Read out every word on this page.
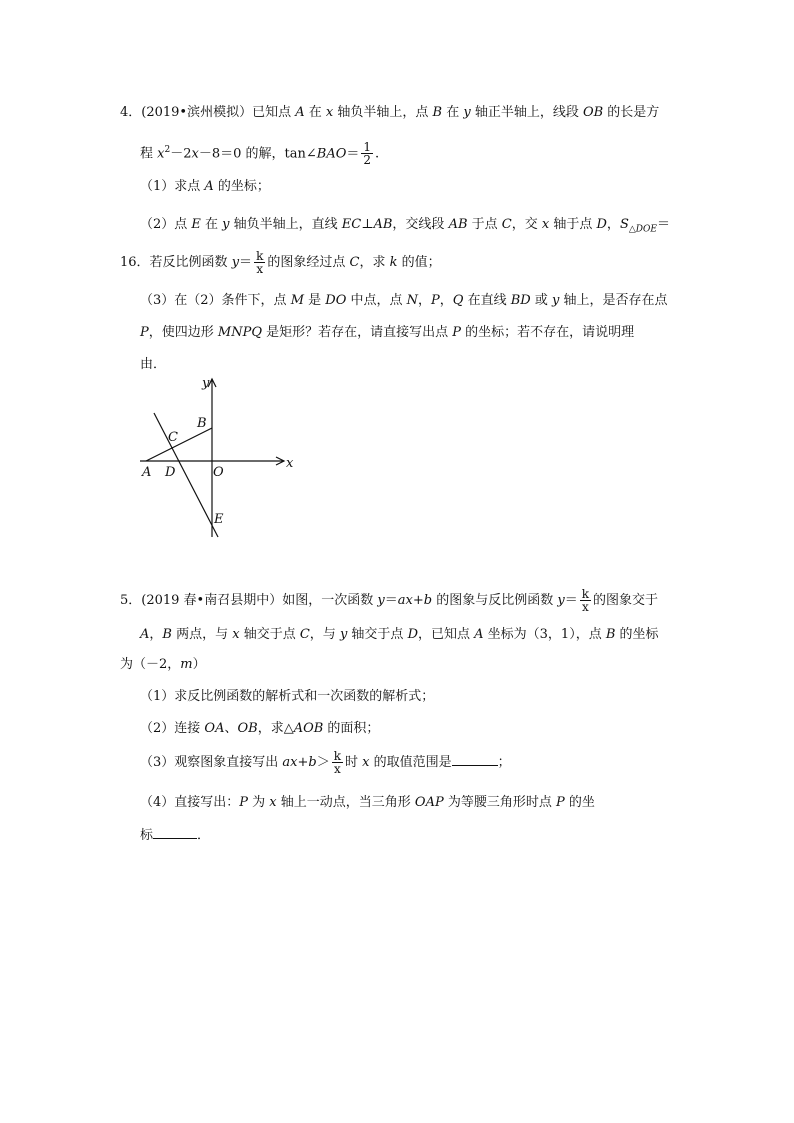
4．(2019•滨州模拟）已知点 A 在 x 轴负半轴上，点 B 在 y 轴正半轴上，线段 OB 的长是方
程 $x^2-2x-8=0$ 的解，tan∠BAO＝ $\frac{1}{2}$ .
（1）求点 A 的坐标；
（2）点 E 在 y 轴负半轴上，直线 EC⊥AB，交线段 AB 于点 C，交 x 轴于点 D，$S_{\triangle DOE}=$
16．若反比例函数 $y= \frac{k}{x}$ 的图象经过点 C，求 k 的值；
（3）在（2）条件下，点 M 是 DO 中点，点 N，P，Q 在直线 BD 或 y 轴上，是否存在点
P，使四边形 MNPQ 是矩形？若存在，请直接写出点 P 的坐标；若不存在，请说明理
由．
y
x
B
C
A D	O
E
5．(2019 春•南召县期中）如图，一次函数 y＝ax+b 的图象与反比例函数 $y= \frac{k}{x}$ 的图象交于
A，B 两点，与 x 轴交于点 C，与 y 轴交于点 D，已知点 A 坐标为（3，1），点 B 的坐标
为（－2，m）
（1）求反比例函数的解析式和一次函数的解析式；
（2）连接 OA、OB，求△AOB 的面积；
（3）观察图象直接写出 $ax+b> \frac{k}{x}$ 时 x 的取值范围是	；
（4）直接写出：P 为 x 轴上一动点，当三角形 OAP 为等腰三角形时点 P 的坐
标	．
